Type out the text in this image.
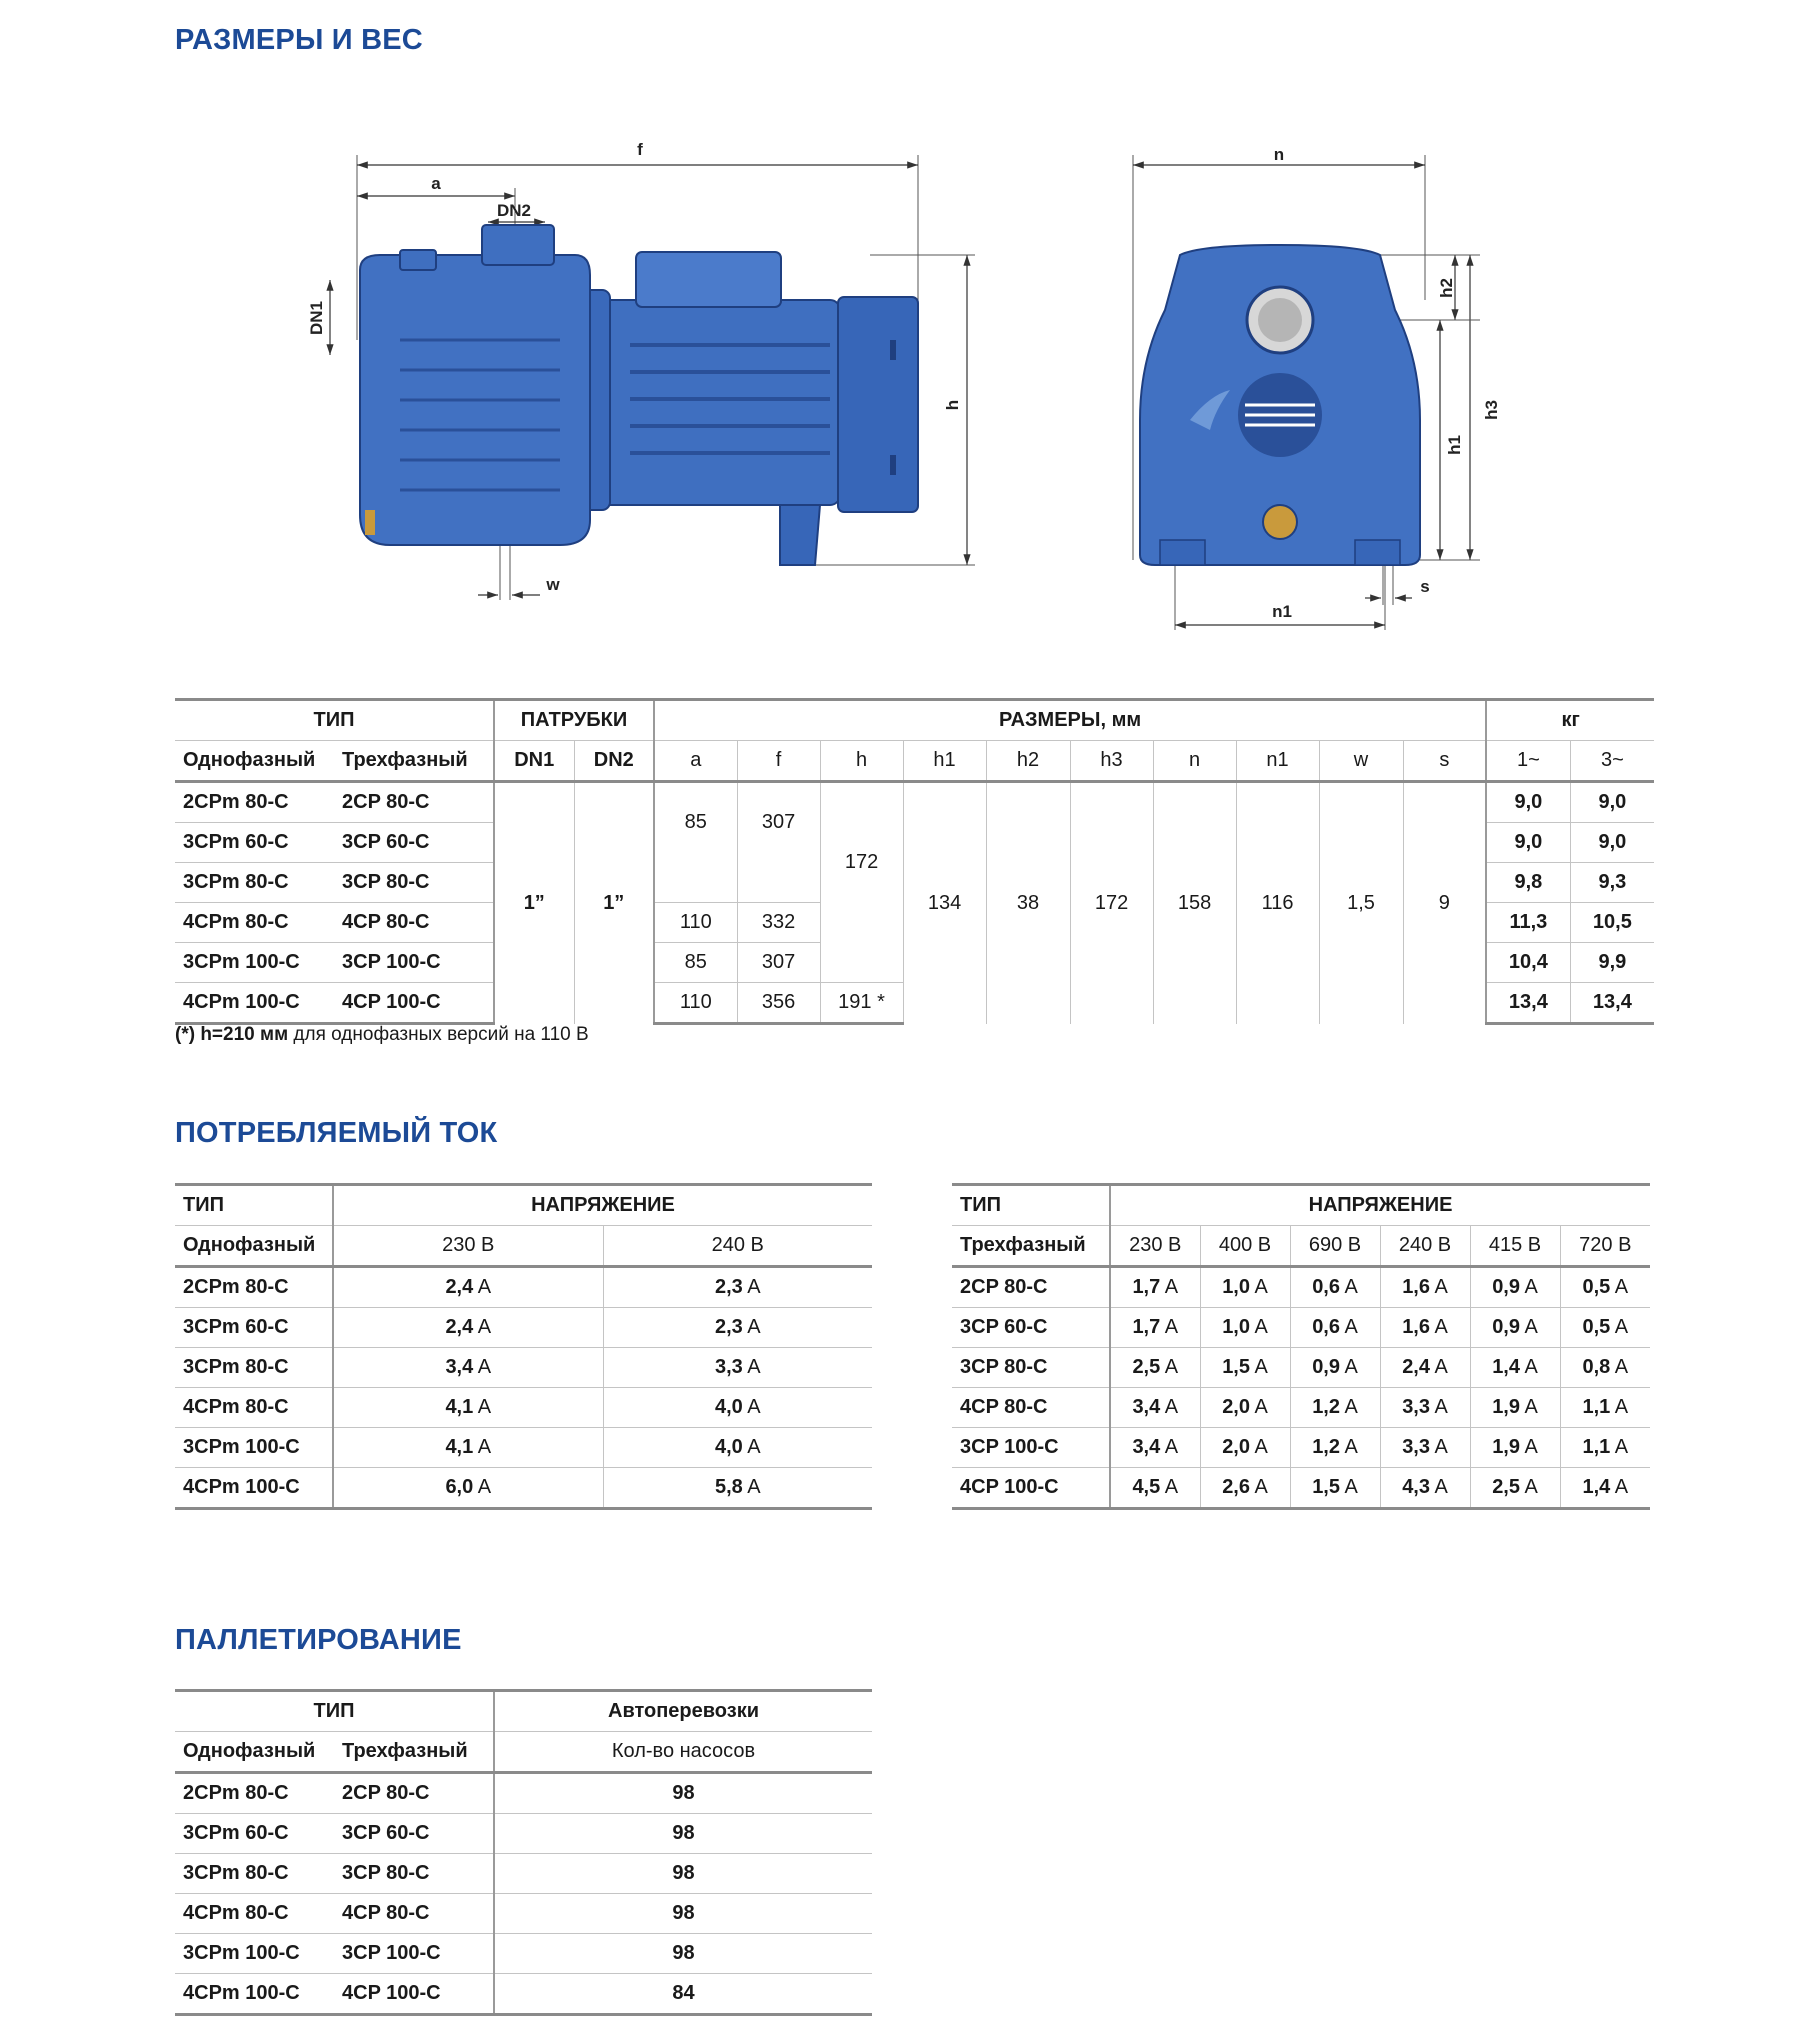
РАЗМЕРЫ И ВЕС
ПОТРЕБЛЯЕМЫЙ ТОК
ПАЛЛЕТИРОВАНИЕ
f
a
DN2
DN1
h
w
n
n1
s
h2
h1
h3
ТИП		ПАТРУБКИ		РАЗМЕРЫ, мм										кг	
Однофазный	Трехфазный	DN1	DN2	a	f	h	h1	h2	h3	n	n1	w	s	1~	3~
2CPm 80-C	2CP 80-C	1”	1”	85	307	172	134	38	172	158	116	1,5	9	9,0	9,0
3CPm 60-C	3CP 60-C													9,0	9,0
3CPm 80-C	3CP 80-C													9,8	9,3
4CPm 80-C	4CP 80-C			110	332									11,3	10,5
3CPm 100-C	3CP 100-C			85	307									10,4	9,9
4CPm 100-C	4CP 100-C			110	356	191 *								13,4	13,4
(*) h=210 мм для однофазных версий на 110 В
ТИП	НАПРЯЖЕНИЕ	
Однофазный	230 В	240 В
2CPm 80-C	2,4 A	2,3 A
3CPm 60-C	2,4 A	2,3 A
3CPm 80-C	3,4 A	3,3 A
4CPm 80-C	4,1 A	4,0 A
3CPm 100-C	4,1 A	4,0 A
4CPm 100-C	6,0 A	5,8 A
ТИП	НАПРЯЖЕНИЕ					
Трехфазный	230 В	400 В	690 В	240 В	415 В	720 В
2CP 80-C	1,7 A	1,0 A	0,6 A	1,6 A	0,9 A	0,5 A
3CP 60-C	1,7 A	1,0 A	0,6 A	1,6 A	0,9 A	0,5 A
3CP 80-C	2,5 A	1,5 A	0,9 A	2,4 A	1,4 A	0,8 A
4CP 80-C	3,4 A	2,0 A	1,2 A	3,3 A	1,9 A	1,1 A
3CP 100-C	3,4 A	2,0 A	1,2 A	3,3 A	1,9 A	1,1 A
4CP 100-C	4,5 A	2,6 A	1,5 A	4,3 A	2,5 A	1,4 A
ТИП		Автоперевозки
Однофазный	Трехфазный	Кол-во насосов
2CPm 80-C	2CP 80-C	98
3CPm 60-C	3CP 60-C	98
3CPm 80-C	3CP 80-C	98
4CPm 80-C	4CP 80-C	98
3CPm 100-C	3CP 100-C	98
4CPm 100-C	4CP 100-C	84
